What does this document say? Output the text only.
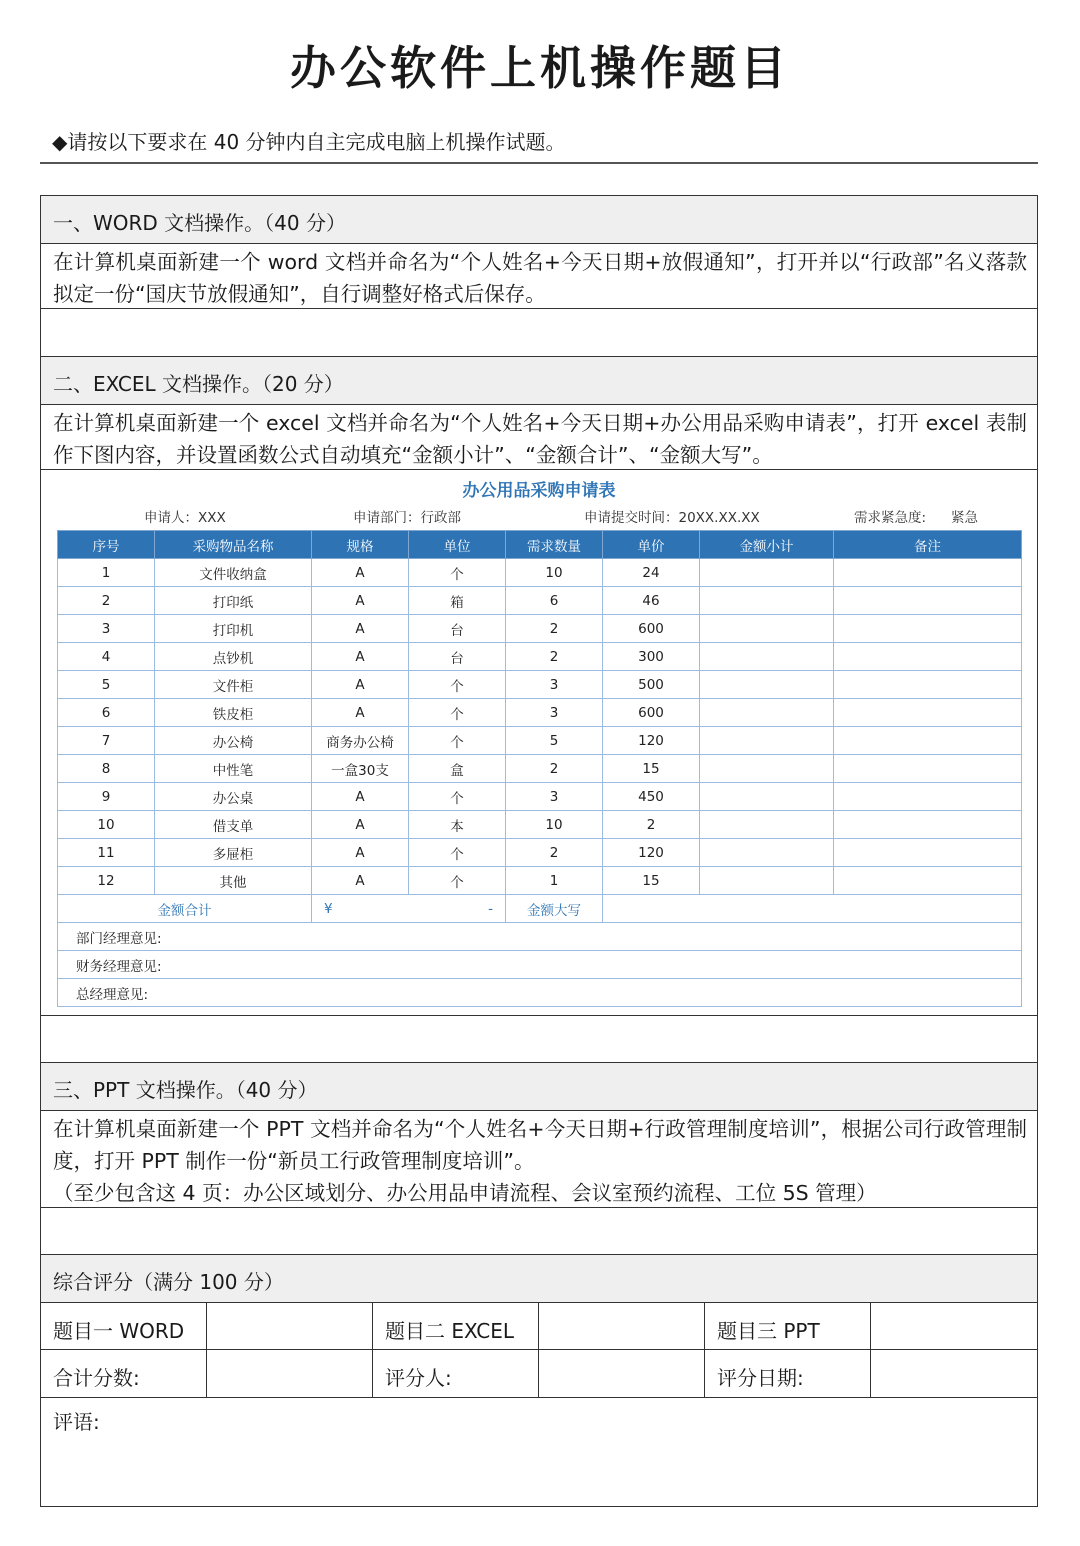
办公软件上机操作题目
◆请按以下要求在 40 分钟内自主完成电脑上机操作试题。
一、WORD 文档操作。（40 分）
在计算机桌面新建一个 word 文档并命名为“个人姓名+今天日期+放假通知”，打开并以“行政部”名义落款拟定一份“国庆节放假通知”，自行调整好格式后保存。
二、EXCEL 文档操作。（20 分）
在计算机桌面新建一个 excel 文档并命名为“个人姓名+今天日期+办公用品采购申请表”，打开 excel 表制作下图内容，并设置函数公式自动填充“金额小计”、“金额合计”、“金额大写”。
三、PPT 文档操作。（40 分）
在计算机桌面新建一个 PPT 文档并命名为“个人姓名+今天日期+行政管理制度培训”，根据公司行政管理制度，打开 PPT 制作一份“新员工行政管理制度培训”。
（至少包含这 4 页：办公区域划分、办公用品申请流程、会议室预约流程、工位 5S 管理）
综合评分（满分 100 分）
题目一 WORD	题目二 EXCEL	题目三 PPT
合计分数:	评分人:	评分日期:
评语:
办公用品采购申请表
申请人：XXX	申请部门：行政部	申请提交时间：20XX.XX.XX	需求紧急度: 紧急
序号	采购物品名称	规格	单位	需求数量	单价	金额小计	备注
1	文件收纳盒	A	个	10	24		
2	打印纸	A	箱	6	46		
3	打印机	A	台	2	600		
4	点钞机	A	台	2	300		
5	文件柜	A	个	3	500		
6	铁皮柜	A	个	3	600		
7	办公椅	商务办公椅	个	5	120		
8	中性笔	一盒30支	盒	2	15		
9	办公桌	A	个	3	450		
10	借支单	A	本	10	2		
11	多屉柜	A	个	2	120		
12	其他	A	个	1	15		
金额合计		¥ -		金额大写			
部门经理意见:							
财务经理意见:							
总经理意见:							
